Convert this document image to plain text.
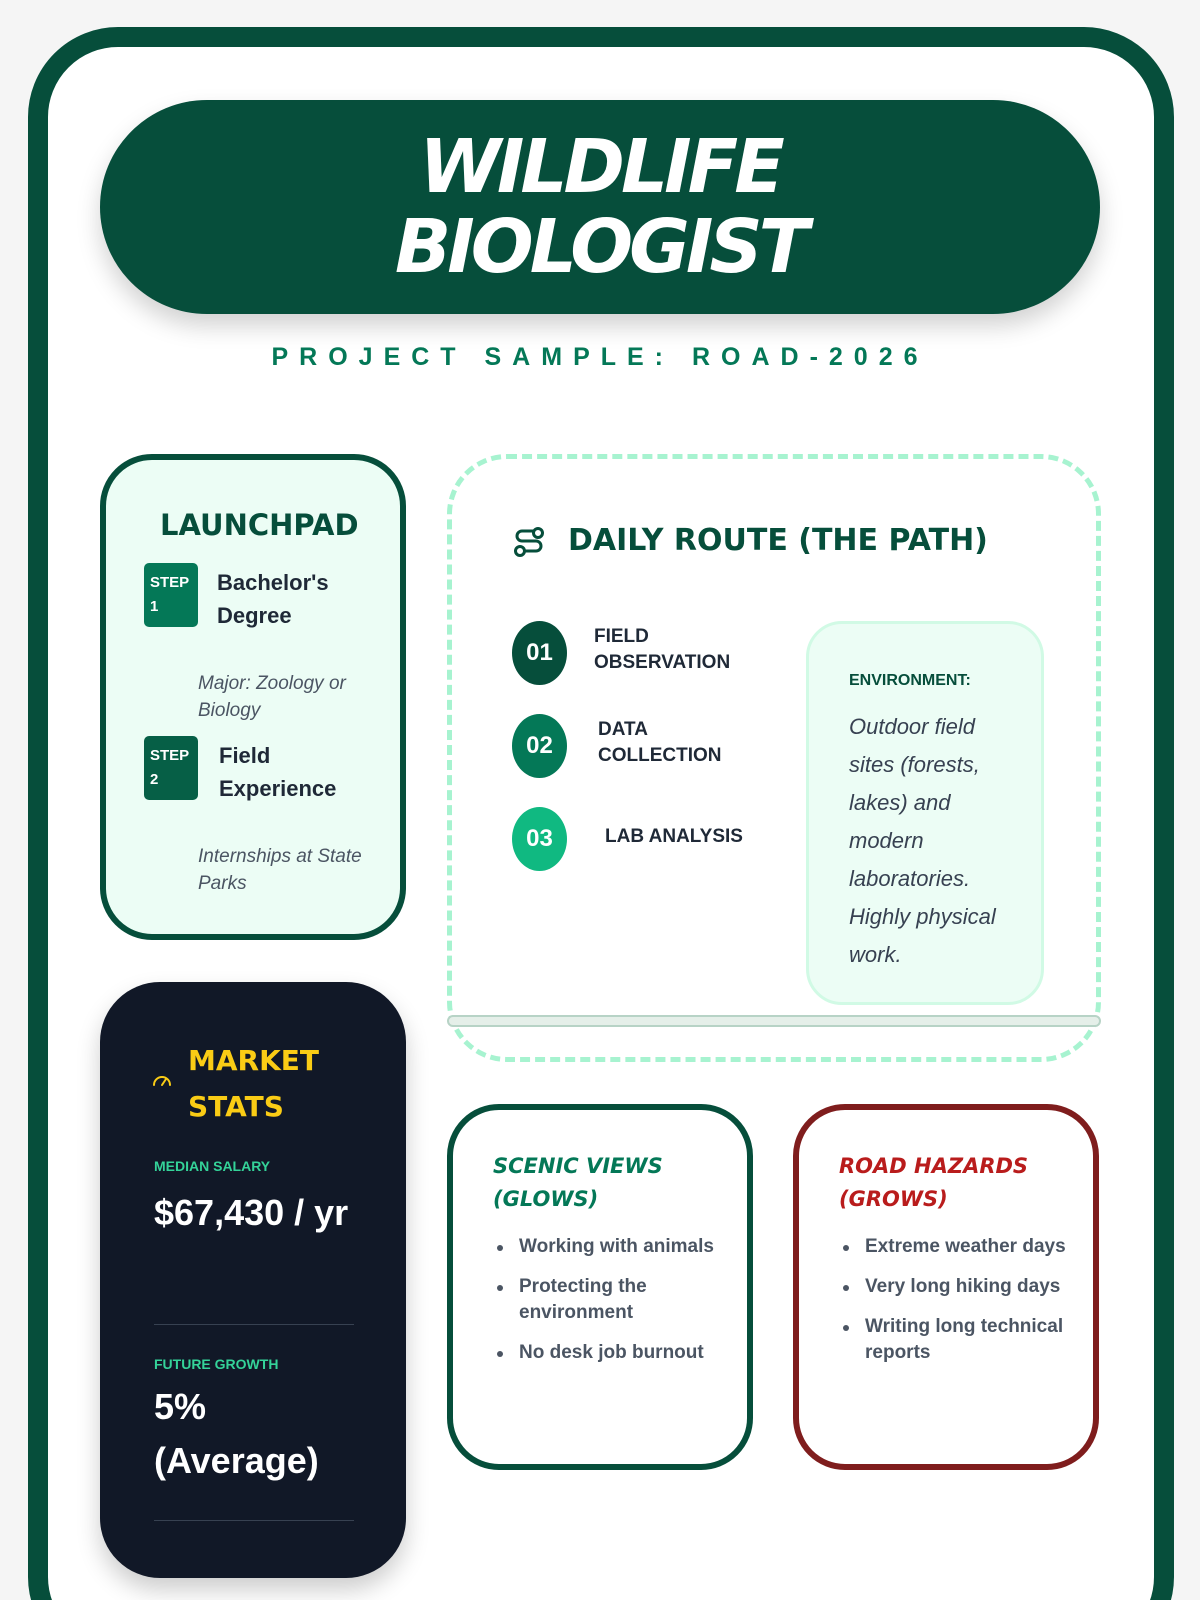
WILDLIFE
BIOLOGIST
PROJECT SAMPLE: ROAD-2026
LAUNCHPAD
STEP 1
Bachelor's Degree
Major: Zoology or Biology
STEP 2
Field Experience
Internships at State Parks
DAILY ROUTE (THE PATH)
01
FIELD OBSERVATION
02
DATA COLLECTION
03	LAB ANALYSIS
ENVIRONMENT:
Outdoor field sites (forests, lakes) and modern laboratories. Highly physical work.
MARKET STATS
MEDIAN SALARY
$67,430 / yr
FUTURE GROWTH
5% (Average)
SCENIC VIEWS (GLOWS)
Working with animals
Protecting the environment
No desk job burnout
ROAD HAZARDS (GROWS)
Extreme weather days
Very long hiking days
Writing long technical reports
